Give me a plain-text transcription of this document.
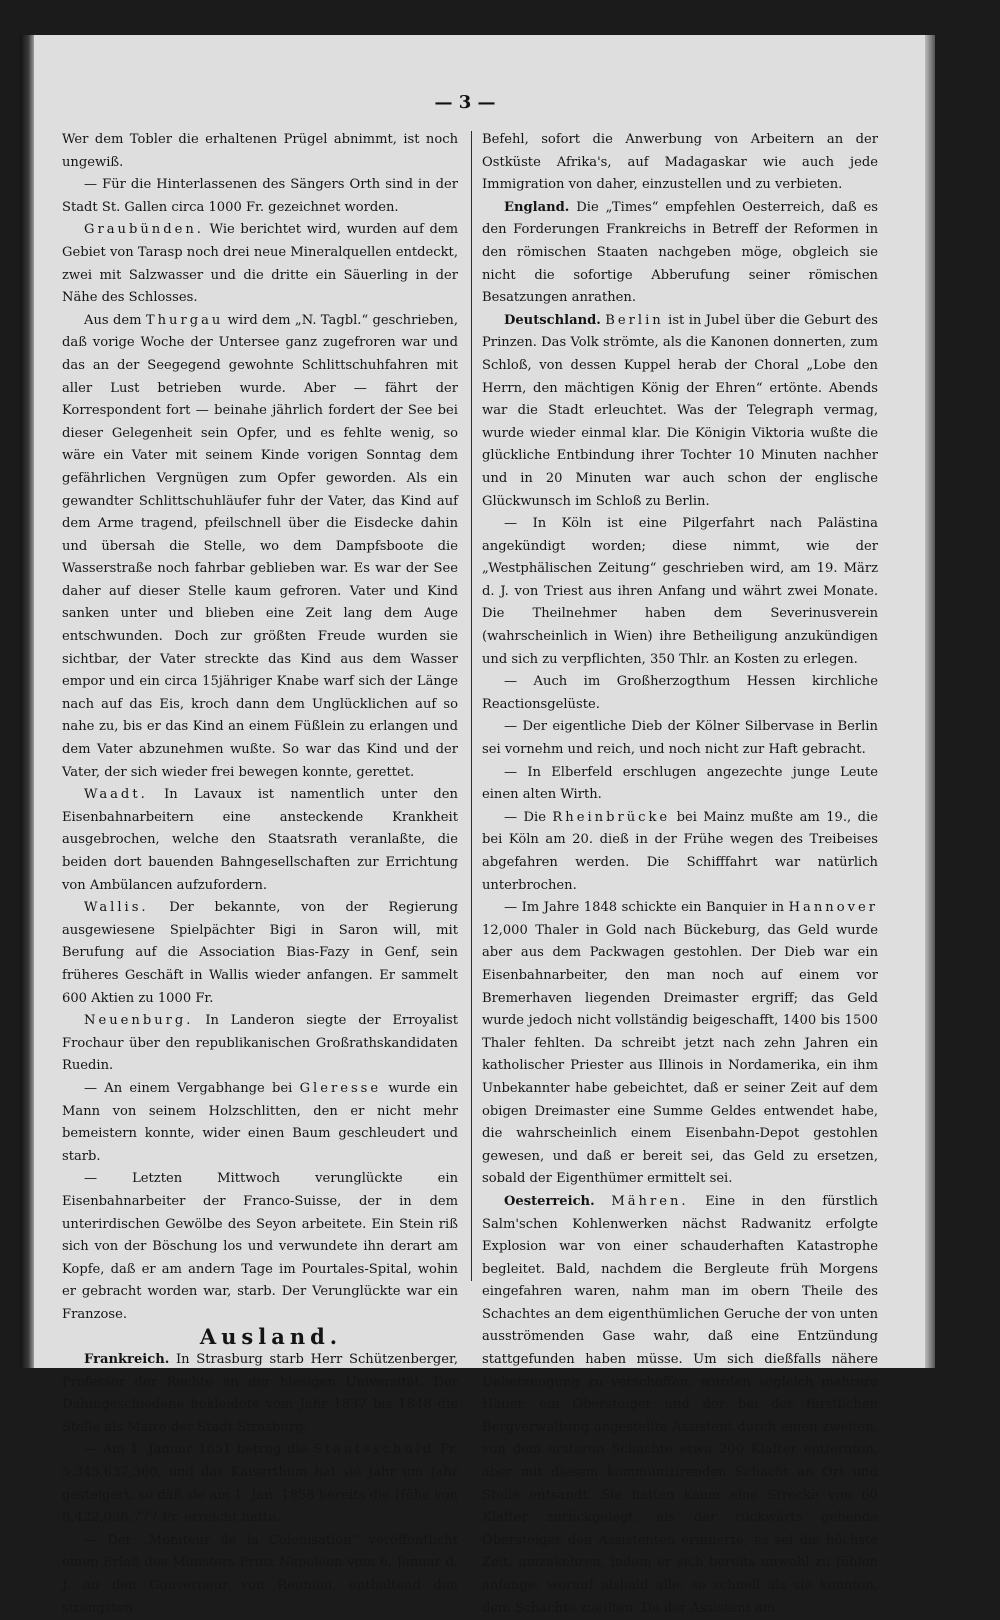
— 3 —

Wer dem Tobler die erhaltenen Prügel abnimmt, ist noch ungewiß.

— Für die Hinterlassenen des Sängers Orth sind in der Stadt St. Gallen circa 1000 Fr. gezeichnet worden.

Graubünden. Wie berichtet wird, wurden auf dem Gebiet von Tarasp noch drei neue Mineralquellen entdeckt, zwei mit Salzwasser und die dritte ein Säuerling in der Nähe des Schlosses.

Aus dem Thurgau wird dem „N. Tagbl.“ geschrieben, daß vorige Woche der Untersee ganz zugefroren war und das an der Seegegend gewohnte Schlittschuhfahren mit aller Lust betrieben wurde. Aber — fährt der Korrespondent fort — beinahe jährlich fordert der See bei dieser Gelegenheit sein Opfer, und es fehlte wenig, so wäre ein Vater mit seinem Kinde vorigen Sonntag dem gefährlichen Vergnügen zum Opfer geworden. Als ein gewandter Schlittschuhläufer fuhr der Vater, das Kind auf dem Arme tragend, pfeilschnell über die Eisdecke dahin und übersah die Stelle, wo dem Dampfsboote die Wasserstraße noch fahrbar geblieben war. Es war der See daher auf dieser Stelle kaum gefroren. Vater und Kind sanken unter und blieben eine Zeit lang dem Auge entschwunden. Doch zur größten Freude wurden sie sichtbar, der Vater streckte das Kind aus dem Wasser empor und ein circa 15jähriger Knabe warf sich der Länge nach auf das Eis, kroch dann dem Unglücklichen auf so nahe zu, bis er das Kind an einem Füßlein zu erlangen und dem Vater abzunehmen wußte. So war das Kind und der Vater, der sich wieder frei bewegen konnte, gerettet.

Waadt. In Lavaux ist namentlich unter den Eisenbahnarbeitern eine ansteckende Krankheit ausgebrochen, welche den Staatsrath veranlaßte, die beiden dort bauenden Bahngesellschaften zur Errichtung von Ambülancen aufzufordern.

Wallis. Der bekannte, von der Regierung ausgewiesene Spielpächter Bigi in Saron will, mit Berufung auf die Association Bias-Fazy in Genf, sein früheres Geschäft in Wallis wieder anfangen. Er sammelt 600 Aktien zu 1000 Fr.

Neuenburg. In Landeron siegte der Erroyalist Frochaur über den republikanischen Großrathskandidaten Ruedin.

— An einem Vergabhange bei Gleresse wurde ein Mann von seinem Holzschlitten, den er nicht mehr bemeistern konnte, wider einen Baum geschleudert und starb.

— Letzten Mittwoch verunglückte ein Eisenbahnarbeiter der Franco-Suisse, der in dem unterirdischen Gewölbe des Seyon arbeitete. Ein Stein riß sich von der Böschung los und verwundete ihn derart am Kopfe, daß er am andern Tage im Pourtales-Spital, wohin er gebracht worden war, starb. Der Verunglückte war ein Franzose.

Ausland.

Frankreich. In Strasburg starb Herr Schützenberger, Professor der Rechte an der hiesigen Universität. Der Dahingeschiedene bekleidete vom Jahr 1837 bis 1848 die Stelle als Maire der Stadt Strasburg.

— Am 1. Januar 1851 betrug die Staatsschuld Fr. 5,345,637,360, und das Kaiserthum hat sie Jahr um Jahr gesteigert, so daß sie am 1. Jan. 1858 bereits die Höhe von 8,422,096,777 Fr. erreicht hatte.

— Der „Moniteur de la Colonisation“ veröffentlicht einen Erlaß des Ministers Prinz Napoleon vom 6. Januar d. J. an den Gouverneur von Reunion, enthaltend den strengsten

Befehl, sofort die Anwerbung von Arbeitern an der Ostküste Afrika's, auf Madagaskar wie auch jede Immigration von daher, einzustellen und zu verbieten.

England. Die „Times“ empfehlen Oesterreich, daß es den Forderungen Frankreichs in Betreff der Reformen in den römischen Staaten nachgeben möge, obgleich sie nicht die sofortige Abberufung seiner römischen Besatzungen anrathen.

Deutschland. Berlin ist in Jubel über die Geburt des Prinzen. Das Volk strömte, als die Kanonen donnerten, zum Schloß, von dessen Kuppel herab der Choral „Lobe den Herrn, den mächtigen König der Ehren“ ertönte. Abends war die Stadt erleuchtet. Was der Telegraph vermag, wurde wieder einmal klar. Die Königin Viktoria wußte die glückliche Entbindung ihrer Tochter 10 Minuten nachher und in 20 Minuten war auch schon der englische Glückwunsch im Schloß zu Berlin.

— In Köln ist eine Pilgerfahrt nach Palästina angekündigt worden; diese nimmt, wie der „Westphälischen Zeitung“ geschrieben wird, am 19. März d. J. von Triest aus ihren Anfang und währt zwei Monate. Die Theilnehmer haben dem Severinusverein (wahrscheinlich in Wien) ihre Betheiligung anzukündigen und sich zu verpflichten, 350 Thlr. an Kosten zu erlegen.

— Auch im Großherzogthum Hessen kirchliche Reactionsgelüste.

— Der eigentliche Dieb der Kölner Silbervase in Berlin sei vornehm und reich, und noch nicht zur Haft gebracht.

— In Elberfeld erschlugen angezechte junge Leute einen alten Wirth.

— Die Rheinbrücke bei Mainz mußte am 19., die bei Köln am 20. dieß in der Frühe wegen des Treibeises abgefahren werden. Die Schifffahrt war natürlich unterbrochen.

— Im Jahre 1848 schickte ein Banquier in Hannover 12,000 Thaler in Gold nach Bückeburg, das Geld wurde aber aus dem Packwagen gestohlen. Der Dieb war ein Eisenbahnarbeiter, den man noch auf einem vor Bremerhaven liegenden Dreimaster ergriff; das Geld wurde jedoch nicht vollständig beigeschafft, 1400 bis 1500 Thaler fehlten. Da schreibt jetzt nach zehn Jahren ein katholischer Priester aus Illinois in Nordamerika, ein ihm Unbekannter habe gebeichtet, daß er seiner Zeit auf dem obigen Dreimaster eine Summe Geldes entwendet habe, die wahrscheinlich einem Eisenbahn-Depot gestohlen gewesen, und daß er bereit sei, das Geld zu ersetzen, sobald der Eigenthümer ermittelt sei.

Oesterreich. Mähren. Eine in den fürstlich Salm'schen Kohlenwerken nächst Radwanitz erfolgte Explosion war von einer schauderhaften Katastrophe begleitet. Bald, nachdem die Bergleute früh Morgens eingefahren waren, nahm man im obern Theile des Schachtes an dem eigenthümlichen Geruche der von unten ausströmenden Gase wahr, daß eine Entzündung stattgefunden haben müsse. Um sich dießfalls nähere Ueberzeugung zu verschaffen, wurden sogleich mehrere Häuer, ein Obersteiger und der bei der fürstlichen Bergverwaltung angestellte Assistent durch einen zweiten, von dem ersteren Schachte etwa 200 Klafter entfernten, aber mit diesem kommunizirenden Schacht an Ort und Stelle entsandt. Sie hatten kaum eine Strecke von 60 Klafter zurückgelegt, als der rückwärts gehende Obersteiger den Assistenten erinnerte, es sei die höchste Zeit, umzukehren, indem er sich bereits unwohl zu fühlen anfange, worauf alsbald alle, so schnell als sie konnten, dem Schachte zueilten. Da der Assistent am
